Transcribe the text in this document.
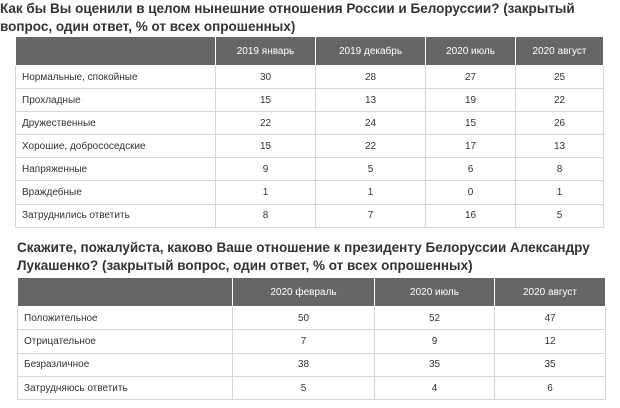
Как бы Вы оценили в целом нынешние отношения России и Белоруссии? (закрытый вопрос, один ответ, % от всех опрошенных)
	2019 январь	2019 декабрь	2020 июль	2020 август
Нормальные, спокойные	30	28	27	25
Прохладные	15	13	19	22
Дружественные	22	24	15	26
Хорошие, добрососедские	15	22	17	13
Напряженные	9	5	6	8
Враждебные	1	1	0	1
Затруднились ответить	8	7	16	5
Скажите, пожалуйста, каково Ваше отношение к президенту Белоруссии Александру Лукашенко? (закрытый вопрос, один ответ, % от всех опрошенных)
	2020 февраль	2020 июль	2020 август
Положительное	50	52	47
Отрицательное	7	9	12
Безразличное	38	35	35
Затрудняюсь ответить	5	4	6
